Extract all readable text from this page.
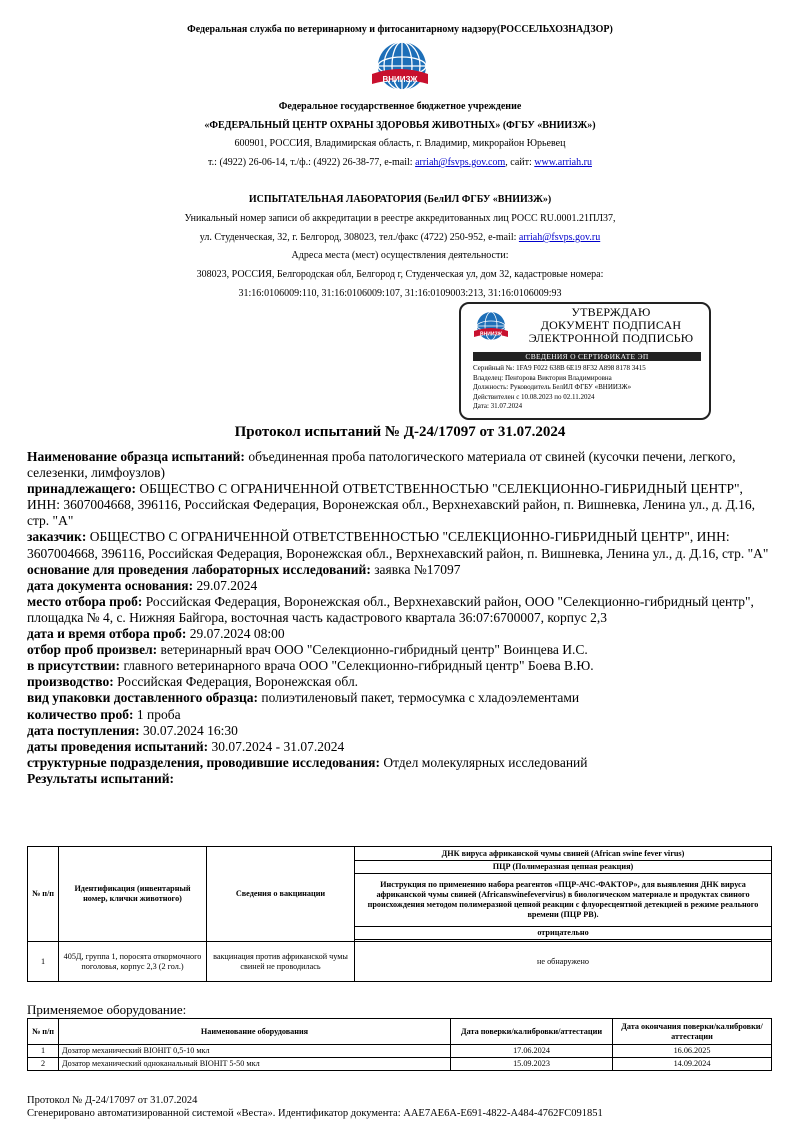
Федеральная служба по ветеринарному и фитосанитарному надзору(РОССЕЛЬХОЗНАДЗОР)
ВНИИЗЖ
Федеральное государственное бюджетное учреждение
«ФЕДЕРАЛЬНЫЙ ЦЕНТР ОХРАНЫ ЗДОРОВЬЯ ЖИВОТНЫХ» (ФГБУ «ВНИИЗЖ»)
600901, РОССИЯ, Владимирская область, г. Владимир, микрорайон Юрьевец
т.: (4922) 26-06-14, т./ф.: (4922) 26-38-77, e-mail: arriah@fsvps.gov.com, сайт: www.arriah.ru
ИСПЫТАТЕЛЬНАЯ ЛАБОРАТОРИЯ (БелИЛ ФГБУ «ВНИИЗЖ»)
Уникальный номер записи об аккредитации в реестре аккредитованных лиц РОСС RU.0001.21ПЛ37,
ул. Студенческая, 32, г. Белгород, 308023, тел./факс (4722) 250-952, e-mail: arriah@fsvps.gov.ru
Адреса места (мест) осуществления деятельности:
308023, РОССИЯ, Белгородская обл, Белгород г, Студенческая ул, дом 32, кадастровые номера:
31:16:0106009:110, 31:16:0106009:107, 31:16:0109003:213, 31:16:0106009:93
ВНИИЗЖ
УТВЕРЖДАЮ
ДОКУМЕНТ ПОДПИСАН
ЭЛЕКТРОННОЙ ПОДПИСЬЮ
СВЕДЕНИЯ О СЕРТИФИКАТЕ ЭП
Серийный №: 1FA9 F022 638B 6E19 8F32 A898 8178 3415
Владелец: Пенזорова Виктория Владимировна
Должность: Руководитель БелИЛ ФГБУ «ВНИИЗЖ»
Действителен с 10.08.2023 по 02.11.2024
Дата: 31.07.2024
Протокол испытаний № Д-24/17097 от 31.07.2024

Наименование образца испытаний: объединенная проба патологического материала от свиней (кусочки печени, легкого, селезенки, лимфоузлов)

принадлежащего: ОБЩЕСТВО С ОГРАНИЧЕННОЙ ОТВЕТСТВЕННОСТЬЮ "СЕЛЕКЦИОННО-ГИБРИДНЫЙ ЦЕНТР", ИНН: 3607004668, 396116, Российская Федерация, Воронежская обл., Верхнехавский район, п. Вишневка, Ленина ул., д. Д.16, стр. "А"

заказчик: ОБЩЕСТВО С ОГРАНИЧЕННОЙ ОТВЕТСТВЕННОСТЬЮ "СЕЛЕКЦИОННО-ГИБРИДНЫЙ ЦЕНТР", ИНН: 3607004668, 396116, Российская Федерация, Воронежская обл., Верхнехавский район, п. Вишневка, Ленина ул., д. Д.16, стр. "А"

основание для проведения лабораторных исследований: заявка №17097

дата документа основания: 29.07.2024

место отбора проб: Российская Федерация, Воронежская обл., Верхнехавский район, ООО "Селекционно-гибридный центр", площадка № 4, с. Нижняя Байгора, восточная часть кадастрового квартала 36:07:6700007, корпус 2,3

дата и время отбора проб: 29.07.2024 08:00

отбор проб произвел: ветеринарный врач ООО "Селекционно-гибридный центр" Воинцева И.С.

в присутствии: главного ветеринарного врача ООО "Селекционно-гибридный центр" Боева В.Ю.

производство: Российская Федерация, Воронежская обл.

вид упаковки доставленного образца: полиэтиленовый пакет, термосумка с хладоэлементами

количество проб: 1 проба

дата поступления: 30.07.2024 16:30

даты проведения испытаний: 30.07.2024 - 31.07.2024

структурные подразделения, проводившие исследования: Отдел молекулярных исследований

Результаты испытаний:

№ п/п	Идентификация (инвентарный номер, клички животного)	Сведения о вакцинации	ДНК вируса африканской чумы свиней (African swine fever virus)
			ПЦР (Полимеразная цепная реакция)
			Инструкция по применению набора реагентов «ПЦР-АЧС-ФАКТОР», для выявления ДНК вируса африканской чумы свиней (Africanswinefevervirus) в биологическом материале и продуктах свиного происхождения методом полимеразной цепной реакции с флуоресцентной детекцией в режиме реального времени (ПЦР РВ).
			отрицательно

1	405Д, группа 1, поросята откормочного поголовья, корпус 2,3 (2 гол.)	вакцинация против африканской чумы свиней не проводилась	не обнаружено
Применяемое оборудование:
№ п/п	Наименование оборудования	Дата поверки/калибровки/аттестации	Дата окончания поверки/калибровки/аттестации
1	Дозатор механический BIOHIT 0,5-10 мкл	17.06.2024	16.06.2025
2	Дозатор механический одноканальный BIOHIT 5-50 мкл	15.09.2023	14.09.2024
Протокол № Д-24/17097 от 31.07.2024
Сгенерировано автоматизированной системой «Веста». Идентификатор документа: AAE7AE6A-E691-4822-A484-4762FC091851
